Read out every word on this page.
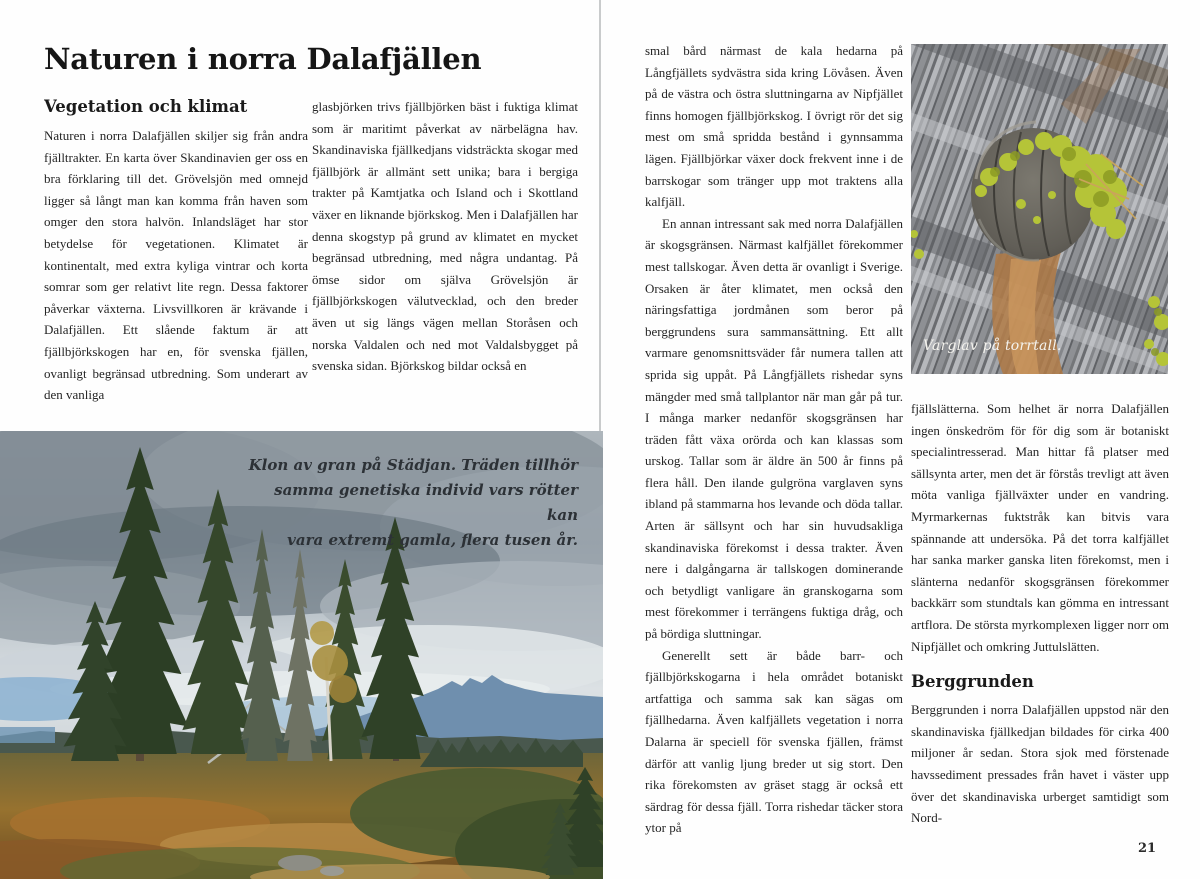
Naturen i norra Dalafjällen
Vegetation och klimat

Naturen i norra Dalafjällen skiljer sig från andra fjälltrakter. En karta över Skandinavien ger oss en bra förklaring till det. Grövelsjön med omnejd ligger så långt man kan komma från haven som omger den stora halvön. Inlandsläget har stor betydelse för vegetationen. Klimatet är kontinentalt, med extra kyliga vintrar och korta somrar som ger relativt lite regn. Dessa faktorer påverkar växterna. Livsvillkoren är krävande i Dalafjällen. Ett slående faktum är att fjällbjörkskogen har en, för svenska fjällen, ovanligt begränsad utbredning. Som underart av den vanliga

glasbjörken trivs fjällbjörken bäst i fuktiga klimat som är maritimt påverkat av närbelägna hav. Skandinaviska fjällkedjans vidsträckta skogar med fjällbjörk är allmänt sett unika; bara i bergiga trakter på Kamtjatka och Island och i Skottland växer en liknande björkskog. Men i Dalafjällen har denna skogstyp på grund av klimatet en mycket begränsad utbredning, med några undantag. På ömse sidor om själva Grövelsjön är fjällbjörkskogen välutvecklad, och den breder även ut sig längs vägen mellan Storåsen och norska Valdalen och ned mot Valdalsbygget på svenska sidan. Björkskog bildar också en

Klon av gran på Städjan. Träden tillhör
samma genetiska individ vars rötter kan
vara extremt gamla, flera tusen år.

smal bård närmast de kala hedarna på Långfjällets sydvästra sida kring Lövåsen. Även på de västra och östra sluttningarna av Nipfjället finns homogen fjällbjörkskog. I övrigt rör det sig mest om små spridda bestånd i gynnsamma lägen. Fjällbjörkar växer dock frekvent inne i de barrskogar som tränger upp mot traktens alla kalfjäll.

En annan intressant sak med norra Dalafjällen är skogsgränsen. Närmast kalfjället förekommer mest tallskogar. Även detta är ovanligt i Sverige. Orsaken är åter klimatet, men också den näringsfattiga jordmånen som beror på berggrundens sura sammansättning. Ett allt varmare genomsnittsväder får numera tallen att sprida sig uppåt. På Långfjällets rishedar syns mängder med små tallplantor när man går på tur. I många marker nedanför skogsgränsen har träden fått växa orörda och kan klassas som urskog. Tallar som är äldre än 500 år finns på flera håll. Den ilande gulgröna varglaven syns ibland på stammarna hos levande och döda tallar. Arten är sällsynt och har sin huvudsakliga skandinaviska förekomst i dessa trakter. Även nere i dalgångarna är tallskogen dominerande och betydligt vanligare än granskogarna som mest förekommer i terrängens fuktiga dråg, och på bördiga sluttningar.

Generellt sett är både barr- och fjällbjörkskogarna i hela området botaniskt artfattiga och samma sak kan sägas om fjällhedarna. Även kalfjällets vegetation i norra Dalarna är speciell för svenska fjällen, främst därför att vanlig ljung breder ut sig stort. Den rika förekomsten av gräset stagg är också ett särdrag för dessa fjäll. Torra rishedar täcker stora ytor på

Varglav på torrtall.

fjällslätterna. Som helhet är norra Dalafjällen ingen önskedröm för för dig som är botaniskt specialintresserad. Man hittar få platser med sällsynta arter, men det är förstås trevligt att även möta vanliga fjällväxter under en vandring. Myrmarkernas fuktstråk kan bitvis vara spännande att undersöka. På det torra kalfjället har sanka marker ganska liten förekomst, men i slänterna nedanför skogsgränsen förekommer backkärr som stundtals kan gömma en intressant artflora. De största myrkomplexen ligger norr om Nipfjället och omkring Juttulslätten.

Berggrunden

Berggrunden i norra Dalafjällen uppstod när den skandinaviska fjällkedjan bildades för cirka 400 miljoner år sedan. Stora sjok med förstenade havssediment pressades från havet i väster upp över det skandinaviska urberget samtidigt som Nord-

21
